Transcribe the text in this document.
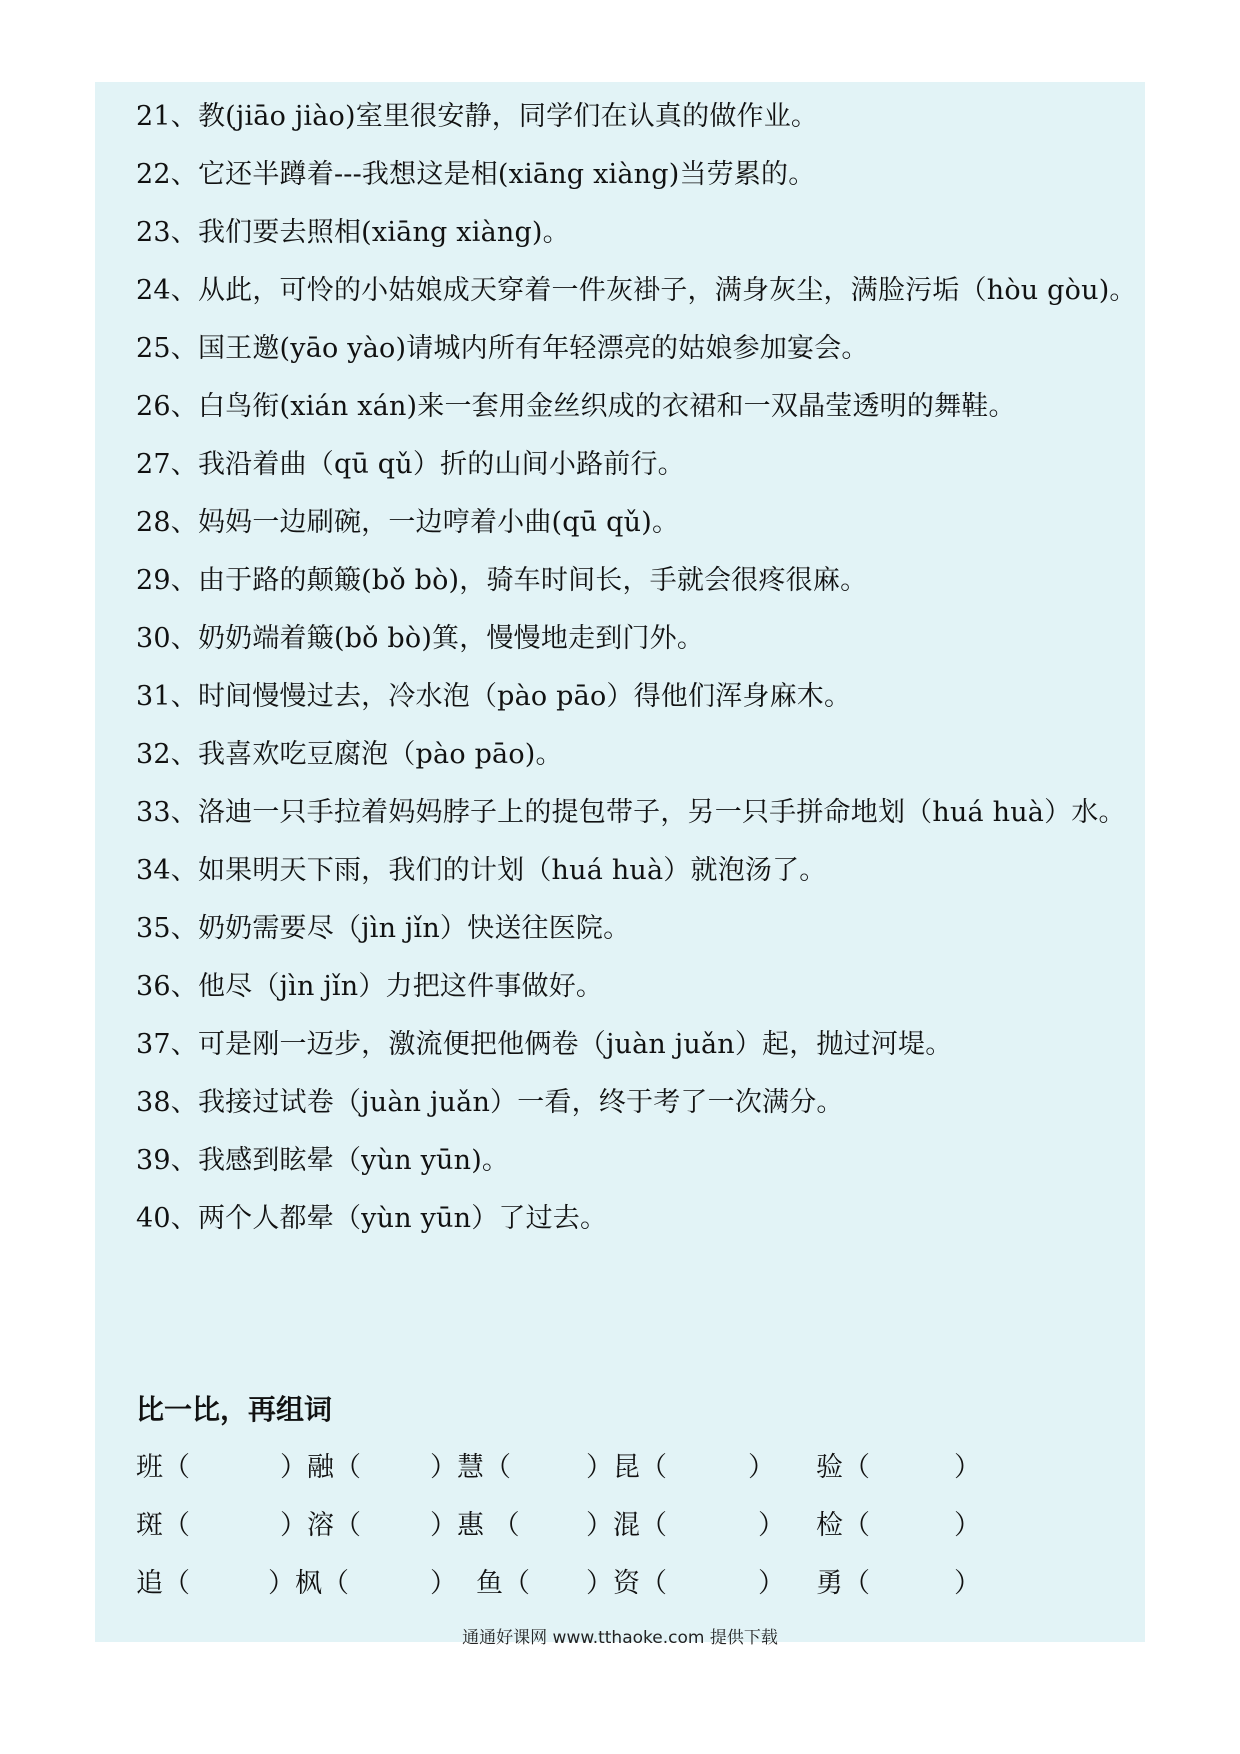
21、教(jiāo jiào)室里很安静，同学们在认真的做作业。
22、它还半蹲着---我想这是相(xiāng xiàng)当劳累的。
23、我们要去照相(xiāng xiàng)。
24、从此，可怜的小姑娘成天穿着一件灰褂子，满身灰尘，满脸污垢（hòu gòu)。
25、国王邀(yāo yào)请城内所有年轻漂亮的姑娘参加宴会。
26、白鸟衔(xián xán)来一套用金丝织成的衣裙和一双晶莹透明的舞鞋。
27、我沿着曲（qū qǔ）折的山间小路前行。
28、妈妈一边刷碗，一边哼着小曲(qū qǔ)。
29、由于路的颠簸(bǒ bò)，骑车时间长，手就会很疼很麻。
30、奶奶端着簸(bǒ bò)箕，慢慢地走到门外。
31、时间慢慢过去，冷水泡（pào pāo）得他们浑身麻木。
32、我喜欢吃豆腐泡（pào pāo)。
33、洛迪一只手拉着妈妈脖子上的提包带子，另一只手拼命地划（huá huà）水。
34、如果明天下雨，我们的计划（huá huà）就泡汤了。
35、奶奶需要尽（jìn jǐn）快送往医院。
36、他尽（jìn jǐn）力把这件事做好。
37、可是刚一迈步，激流便把他俩卷（juàn juǎn）起，抛过河堤。
38、我接过试卷（juàn juǎn）一看，终于考了一次满分。
39、我感到眩晕（yùn yūn)。
40、两个人都晕（yùn yūn）了过去。
比一比，再组词
班（	）融（	）慧（	）昆（	） 验（	）
斑（	）溶（	）惠 （ ）混（	） 检（	）
追（	）枫（	） 鱼（ ）资（	） 勇（	）
通通好课网 www.tthaoke.com 提供下载
